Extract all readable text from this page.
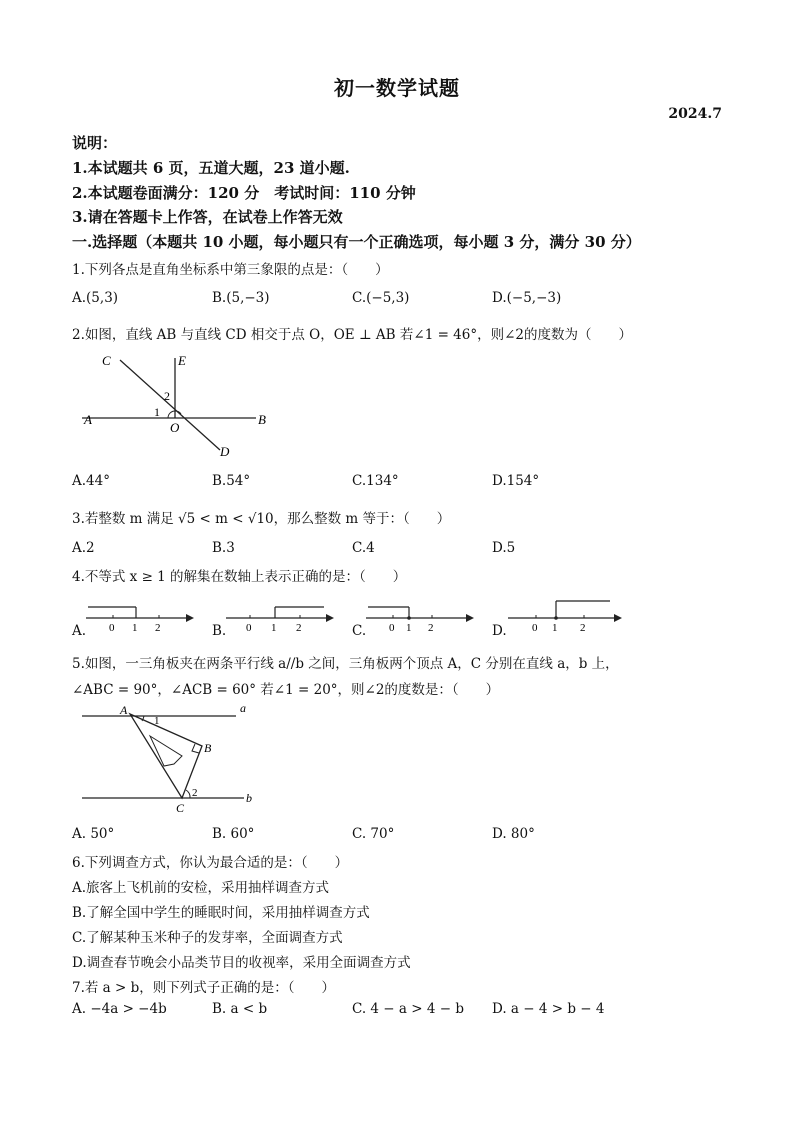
初一数学试题
2024.7
说明：
1.本试题共 6 页，五道大题，23 道小题.
2.本试题卷面满分：120 分　考试时间：110 分钟
3.请在答题卡上作答，在试卷上作答无效
一.选择题（本题共 10 小题，每小题只有一个正确选项，每小题 3 分，满分 30 分）
1.下列各点是直角坐标系中第三象限的点是：（　　）
A.(5,3)	B.(5,−3)	C.(−5,3)	D.(−5,−3)
2.如图，直线 AB 与直线 CD 相交于点 O，OE ⊥ AB 若∠1 = 46°，则∠2的度数为（　　）
C	E
2
1
A
O
B
D
A.44°	B.54°	C.134°	D.154°
3.若整数 m 满足 √5 < m < √10，那么整数 m 等于：（　　）
A.2	B.3	C.4	D.5
4.不等式 x ≥ 1 的解集在数轴上表示正确的是：（　　）
A. 0 1 2	B. 0 1 2	C. 0 1 2	D. 0 1 2
5.如图，一三角板夹在两条平行线 a//b 之间，三角板两个顶点 A，C 分别在直线 a，b 上，
∠ABC = 90°，∠ACB = 60° 若∠1 = 20°，则∠2的度数是：（　　）
A
1
a
B
C
2	b
A. 50°	B. 60°	C. 70°	D. 80°
6.下列调查方式，你认为最合适的是：（　　）
A.旅客上飞机前的安检，采用抽样调查方式
B.了解全国中学生的睡眠时间，采用抽样调查方式
C.了解某种玉米种子的发芽率，全面调查方式
D.调查春节晚会小品类节目的收视率，采用全面调查方式
7.若 a > b，则下列式子正确的是：（　　）
A. −4a > −4b	B. a < b	C. 4 − a > 4 − b D. a − 4 > b − 4
